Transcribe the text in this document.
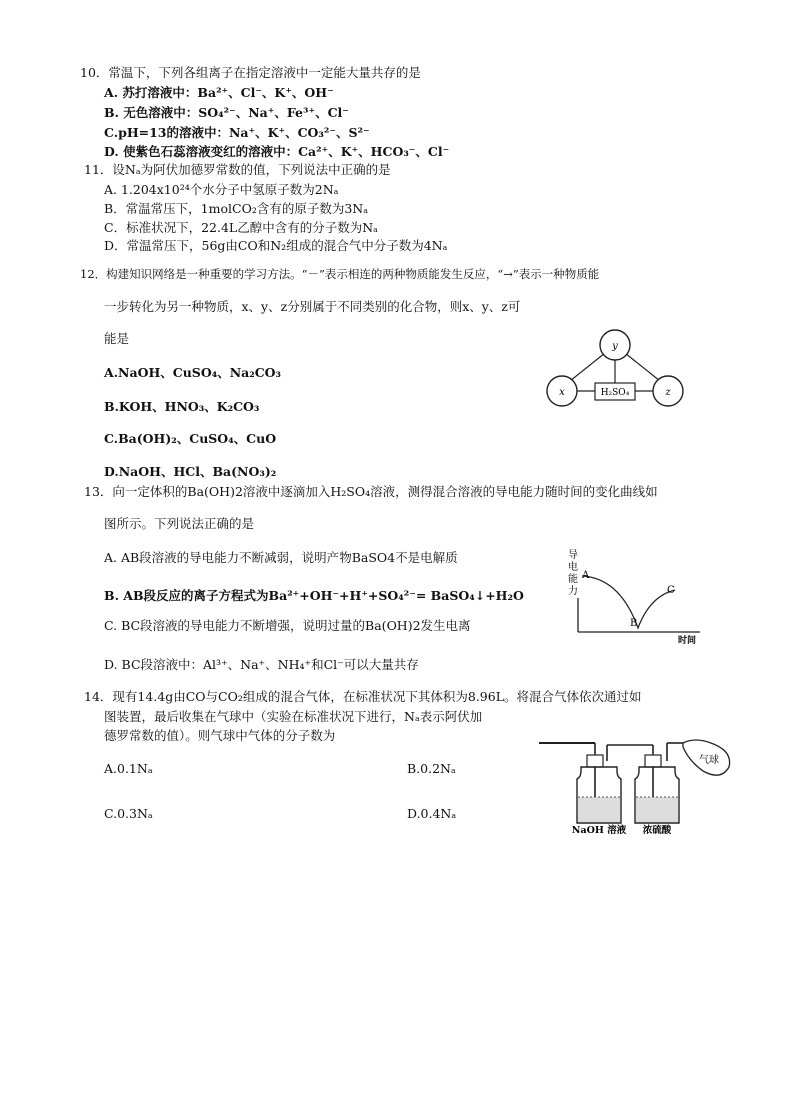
10．常温下，下列各组离子在指定溶液中一定能大量共存的是
A. 苏打溶液中：Ba²⁺、Cl⁻、K⁺、OH⁻
B. 无色溶液中：SO₄²⁻、Na⁺、Fe³⁺、Cl⁻
C.pH=13的溶液中：Na⁺、K⁺、CO₃²⁻、S²⁻
D. 使紫色石蕊溶液变红的溶液中：Ca²⁺、K⁺、HCO₃⁻、Cl⁻
11．设Nₐ为阿伏加德罗常数的值，下列说法中正确的是
A. 1.204x10²⁴个水分子中氢原子数为2Nₐ
B．常温常压下，1molCO₂含有的原子数为3Nₐ
C．标准状况下，22.4L乙醇中含有的分子数为Nₐ
D．常温常压下，56g由CO和N₂组成的混合气中分子数为4Nₐ
12．构建知识网络是一种重要的学习方法。“－”表示相连的两种物质能发生反应，“→”表示一种物质能
一步转化为另一种物质，x、y、z分别属于不同类别的化合物，则x、y、z可
能是
A.NaOH、CuSO₄、Na₂CO₃
B.KOH、HNO₃、K₂CO₃
C.Ba(OH)₂、CuSO₄、CuO
D.NaOH、HCl、Ba(NO₃)₂
y
x	z
H₂SO₄
13．向一定体积的Ba(OH)2溶液中逐滴加入H₂SO₄溶液，测得混合溶液的导电能力随时间的变化曲线如
图所示。下列说法正确的是
A. AB段溶液的导电能力不断减弱，说明产物BaSO4不是电解质
B. AB段反应的离子方程式为Ba²⁺+OH⁻+H⁺+SO₄²⁻= BaSO₄↓+H₂O
C. BC段溶液的导电能力不断增强，说明过量的Ba(OH)2发生电离
D. BC段溶液中：Al³⁺、Na⁺、NH₄⁺和Cl⁻可以大量共存
导
电
能
力
A
B
C
时间
14．现有14.4g由CO与CO₂组成的混合气体，在标准状况下其体积为8.96L。将混合气体依次通过如
图装置，最后收集在气球中（实验在标准状况下进行，Nₐ表示阿伏加
德罗常数的值）。则气球中气体的分子数为
A.0.1Nₐ	B.0.2Nₐ
C.0.3Nₐ	D.0.4Nₐ
气球
NaOH 溶液 浓硫酸
